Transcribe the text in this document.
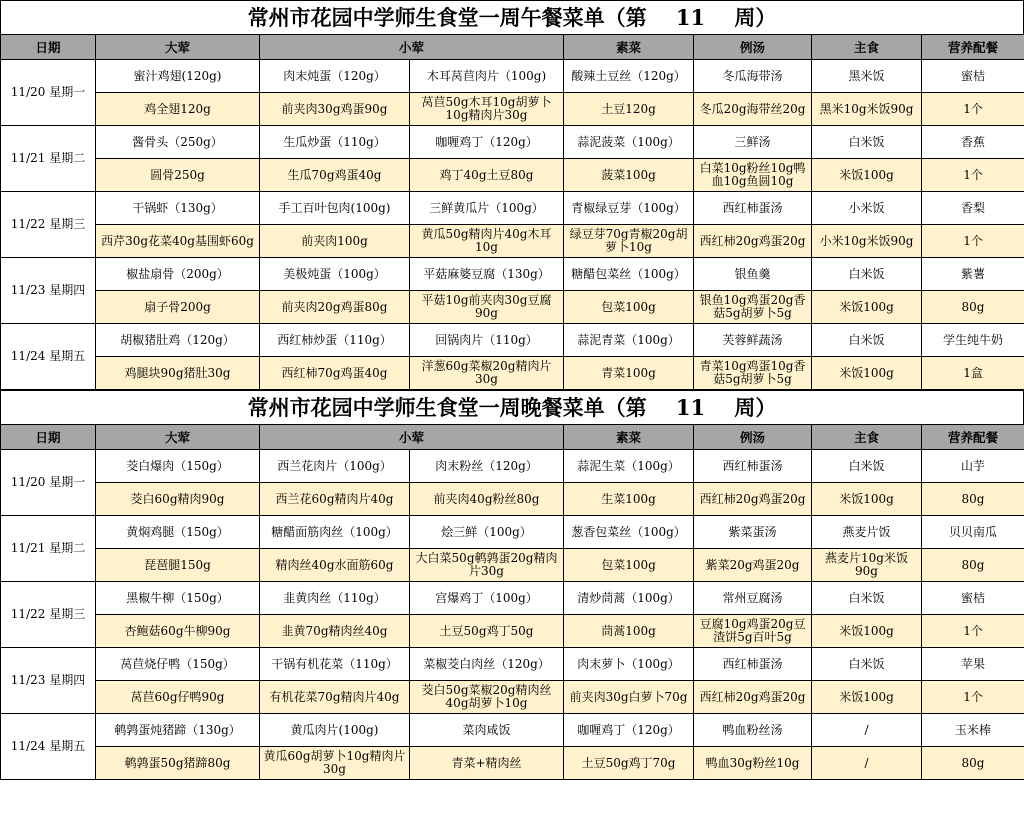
常州市花园中学师生食堂一周午餐菜单（第    11    周）
日期	大荤	小荤		素菜	例汤	主食	营养配餐
11/20 星期一	蜜汁鸡翅(120g)	肉末炖蛋（120g）	木耳莴苣肉片（100g)	酸辣土豆丝（120g）	冬瓜海带汤	黑米饭	蜜桔
	鸡全翅120g	前夹肉30g鸡蛋90g	莴苣50g木耳10g胡萝卜10g精肉片30g	土豆120g	冬瓜20g海带丝20g	黑米10g米饭90g	1个
11/21 星期二	酱骨头（250g）	生瓜炒蛋（110g）	咖喱鸡丁（120g）	蒜泥菠菜（100g）	三鲜汤	白米饭	香蕉
	圆骨250g	生瓜70g鸡蛋40g	鸡丁40g土豆80g	菠菜100g	白菜10g粉丝10g鸭血10g鱼圆10g	米饭100g	1个
11/22 星期三	干锅虾（130g）	手工百叶包肉(100g)	三鲜黄瓜片（100g）	青椒绿豆芽（100g）	西红柿蛋汤	小米饭	香梨
	西芹30g花菜40g基围虾60g	前夹肉100g	黄瓜50g精肉片40g木耳10g	绿豆芽70g青椒20g胡萝卜10g	西红柿20g鸡蛋20g	小米10g米饭90g	1个
11/23 星期四	椒盐扇骨（200g）	美极炖蛋（100g）	平菇麻婆豆腐（130g）	糖醋包菜丝（100g）	银鱼羹	白米饭	紫薯
	扇子骨200g	前夹肉20g鸡蛋80g	平菇10g前夹肉30g豆腐90g	包菜100g	银鱼10g鸡蛋20g香菇5g胡萝卜5g	米饭100g	80g
11/24 星期五	胡椒猪肚鸡（120g）	西红柿炒蛋（110g）	回锅肉片（110g）	蒜泥青菜（100g）	芙蓉鲜蔬汤	白米饭	学生纯牛奶
	鸡腿块90g猪肚30g	西红柿70g鸡蛋40g	洋葱60g菜椒20g精肉片30g	青菜100g	青菜10g鸡蛋10g香菇5g胡萝卜5g	米饭100g	1盒
常州市花园中学师生食堂一周晚餐菜单（第    11    周）
日期	大荤	小荤		素菜	例汤	主食	营养配餐
11/20 星期一	茭白爆肉（150g）	西兰花肉片（100g）	肉末粉丝（120g）	蒜泥生菜（100g）	西红柿蛋汤	白米饭	山芋
	茭白60g精肉90g	西兰花60g精肉片40g	前夹肉40g粉丝80g	生菜100g	西红柿20g鸡蛋20g	米饭100g	80g
11/21 星期二	黄焖鸡腿（150g）	糖醋面筋肉丝（100g）	烩三鲜（100g）	葱香包菜丝（100g）	紫菜蛋汤	燕麦片饭	贝贝南瓜
	琵琶腿150g	精肉丝40g水面筋60g	大白菜50g鹌鹑蛋20g精肉片30g	包菜100g	紫菜20g鸡蛋20g	燕麦片10g米饭90g	80g
11/22 星期三	黑椒牛柳（150g）	韭黄肉丝（110g）	宫爆鸡丁（100g）	清炒茼蒿（100g）	常州豆腐汤	白米饭	蜜桔
	杏鲍菇60g牛柳90g	韭黄70g精肉丝40g	土豆50g鸡丁50g	茼蒿100g	豆腐10g鸡蛋20g豆渣饼5g百叶5g	米饭100g	1个
11/23 星期四	莴苣烧仔鸭（150g）	干锅有机花菜（110g）	菜椒茭白肉丝（120g）	肉末萝卜（100g）	西红柿蛋汤	白米饭	苹果
	莴苣60g仔鸭90g	有机花菜70g精肉片40g	茭白50g菜椒20g精肉丝40g胡萝卜10g	前夹肉30g白萝卜70g	西红柿20g鸡蛋20g	米饭100g	1个
11/24 星期五	鹌鹑蛋炖猪蹄（130g）	黄瓜肉片(100g)	菜肉咸饭	咖喱鸡丁（120g）	鸭血粉丝汤	/	玉米棒
	鹌鹑蛋50g猪蹄80g	黄瓜60g胡萝卜10g精肉片30g	青菜+精肉丝	土豆50g鸡丁70g	鸭血30g粉丝10g	/	80g
